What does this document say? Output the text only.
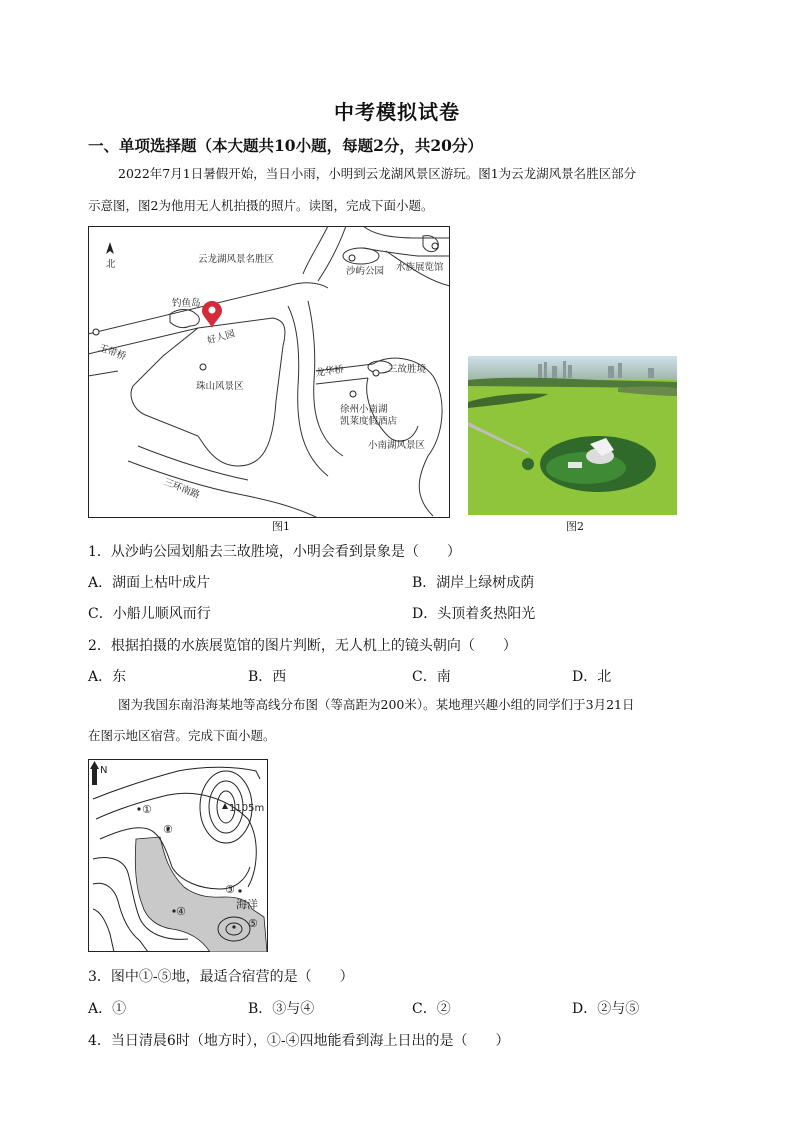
中考模拟试卷
一、单项选择题（本大题共10小题，每题2分，共20分）
2022年7月1日暑假开始，当日小雨，小明到云龙湖风景区游玩。图1为云龙湖风景名胜区部分
示意图，图2为他用无人机拍摄的照片。读图，完成下面小题。
北	云龙湖风景名胜区
沙屿公园 水族展览馆
钓鱼岛
好人园
玉带桥
珠山风景区
龙华桥	三故胜境
徐州小南湖
凯莱度假酒店
小南湖风景区
三环南路
图1	图2
1．从沙屿公园划船去三故胜境，小明会看到景象是（　　）
A．湖面上枯叶成片	B．湖岸上绿树成荫
C．小船儿顺风而行	D．头顶着炙热阳光
2．根据拍摄的水族展览馆的图片判断，无人机上的镜头朝向（　　）
A．东	B．西	C．南	D．北
图为我国东南沿海某地等高线分布图（等高距为200米）。某地理兴趣小组的同学们于3月21日
在图示地区宿营。完成下面小题。
N
1105m
①
②
③
④
⑤
海洋
3．图中①-⑤地，最适合宿营的是（　　）
A．①	B．③与④	C．②	D．②与⑤
4．当日清晨6时（地方时），①-④四地能看到海上日出的是（　　）
